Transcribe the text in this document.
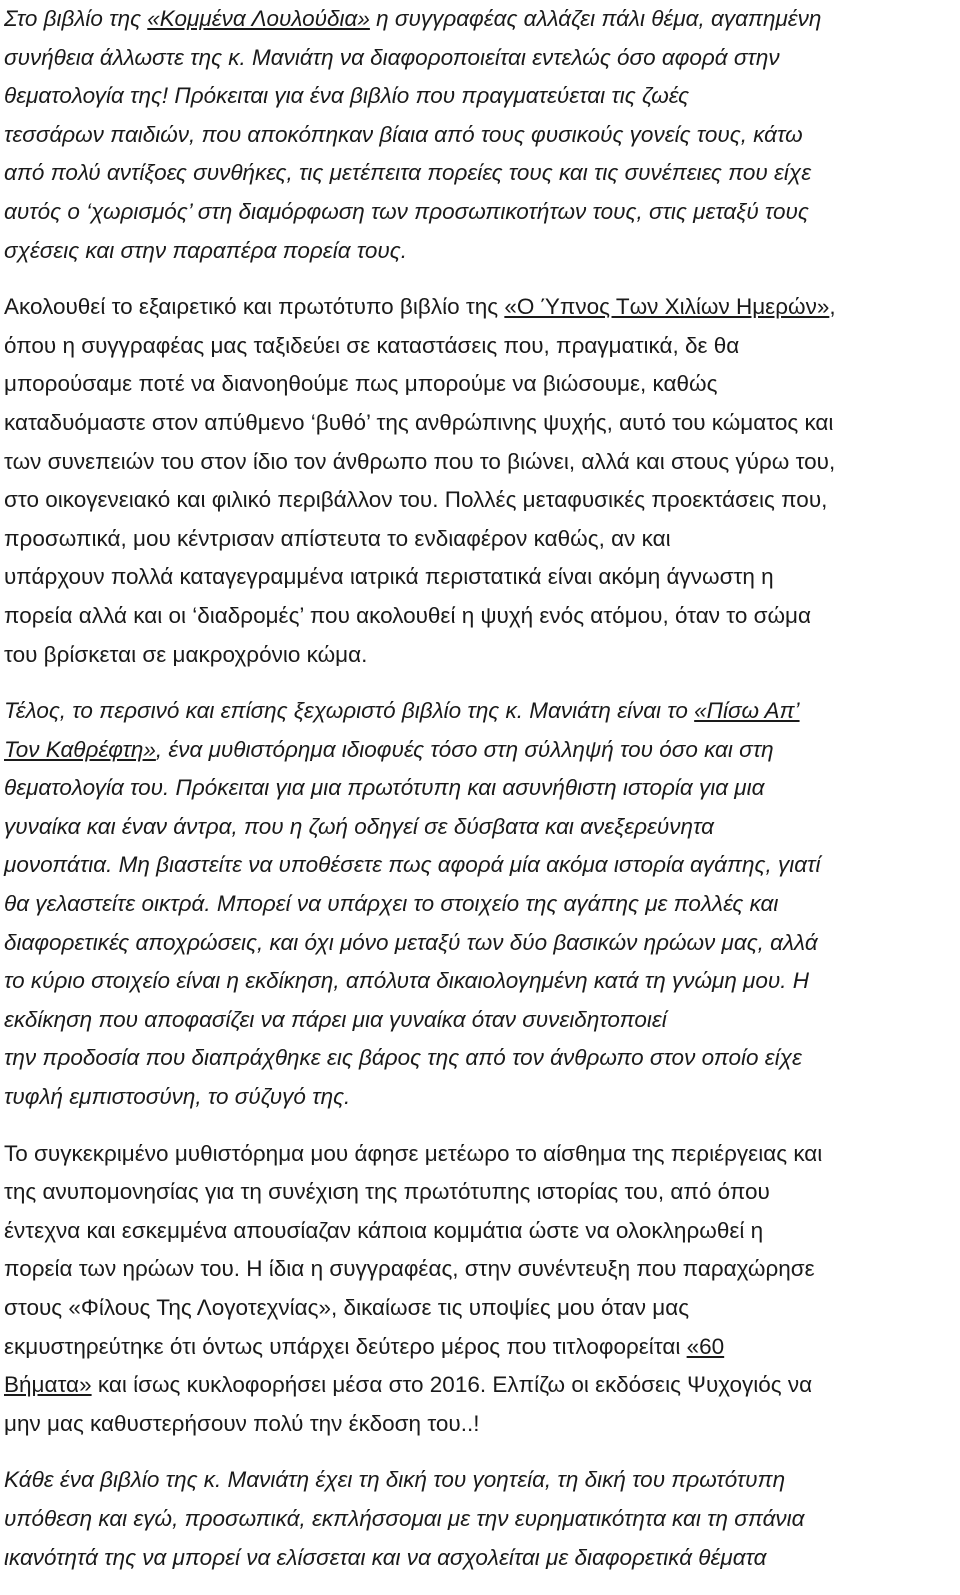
Στο βιβλίο της «Κομμένα Λουλούδια» η συγγραφέας αλλάζει πάλι θέμα, αγαπημένη
συνήθεια άλλωστε της κ. Μανιάτη να διαφοροποιείται εντελώς όσο αφορά στην
θεματολογία της! Πρόκειται για ένα βιβλίο που πραγματεύεται τις ζωές
τεσσάρων παιδιών, που αποκόπηκαν βίαια από τους φυσικούς γονείς τους, κάτω
από πολύ αντίξοες συνθήκες, τις μετέπειτα πορείες τους και τις συνέπειες που είχε
αυτός ο ‘χωρισμός’ στη διαμόρφωση των προσωπικοτήτων τους, στις μεταξύ τους
σχέσεις και στην παραπέρα πορεία τους.

Ακολουθεί το εξαιρετικό και πρωτότυπο βιβλίο της «Ο Ύπνος Των Χιλίων Ημερών»,
όπου η συγγραφέας μας ταξιδεύει σε καταστάσεις που, πραγματικά, δε θα
μπορούσαμε ποτέ να διανοηθούμε πως μπορούμε να βιώσουμε, καθώς
καταδυόμαστε στον απύθμενο ‘βυθό’ της ανθρώπινης ψυχής, αυτό του κώματος και
των συνεπειών του στον ίδιο τον άνθρωπο που το βιώνει, αλλά και στους γύρω του,
στο οικογενειακό και φιλικό περιβάλλον του. Πολλές μεταφυσικές προεκτάσεις που,
προσωπικά, μου κέντρισαν απίστευτα το ενδιαφέρον καθώς, αν και
υπάρχουν πολλά καταγεγραμμένα ιατρικά περιστατικά είναι ακόμη άγνωστη η
πορεία αλλά και οι ‘διαδρομές’ που ακολουθεί η ψυχή ενός ατόμου, όταν το σώμα
του βρίσκεται σε μακροχρόνιο κώμα.

Τέλος, το περσινό και επίσης ξεχωριστό βιβλίο της κ. Μανιάτη είναι το «Πίσω Απ’
Τον Καθρέφτη», ένα μυθιστόρημα ιδιοφυές τόσο στη σύλληψή του όσο και στη
θεματολογία του. Πρόκειται για μια πρωτότυπη και ασυνήθιστη ιστορία για μια
γυναίκα και έναν άντρα, που η ζωή οδηγεί σε δύσβατα και ανεξερεύνητα
μονοπάτια. Μη βιαστείτε να υποθέσετε πως αφορά μία ακόμα ιστορία αγάπης, γιατί
θα γελαστείτε οικτρά. Μπορεί να υπάρχει το στοιχείο της αγάπης με πολλές και
διαφορετικές αποχρώσεις, και όχι μόνο μεταξύ των δύο βασικών ηρώων μας, αλλά
το κύριο στοιχείο είναι η εκδίκηση, απόλυτα δικαιολογημένη κατά τη γνώμη μου. Η
εκδίκηση που αποφασίζει να πάρει μια γυναίκα όταν συνειδητοποιεί
την προδοσία που διαπράχθηκε εις βάρος της από τον άνθρωπο στον οποίο είχε
τυφλή εμπιστοσύνη, το σύζυγό της.

Το συγκεκριμένο μυθιστόρημα μου άφησε μετέωρο το αίσθημα της περιέργειας και
της ανυπομονησίας για τη συνέχιση της πρωτότυπης ιστορίας του, από όπου
έντεχνα και εσκεμμένα απουσίαζαν κάποια κομμάτια ώστε να ολοκληρωθεί η
πορεία των ηρώων του. Η ίδια η συγγραφέας, στην συνέντευξη που παραχώρησε
στους «Φίλους Της Λογοτεχνίας», δικαίωσε τις υποψίες μου όταν μας
εκμυστηρεύτηκε ότι όντως υπάρχει δεύτερο μέρος που τιτλοφορείται «60
Βήματα» και ίσως κυκλοφορήσει μέσα στο 2016. Ελπίζω οι εκδόσεις Ψυχογιός να
μην μας καθυστερήσουν πολύ την έκδοση του..!

Κάθε ένα βιβλίο της κ. Μανιάτη έχει τη δική του γοητεία, τη δική του πρωτότυπη
υπόθεση και εγώ, προσωπικά, εκπλήσσομαι με την ευρηματικότητα και τη σπάνια
ικανότητά της να μπορεί να ελίσσεται και να ασχολείται με διαφορετικά θέματα
